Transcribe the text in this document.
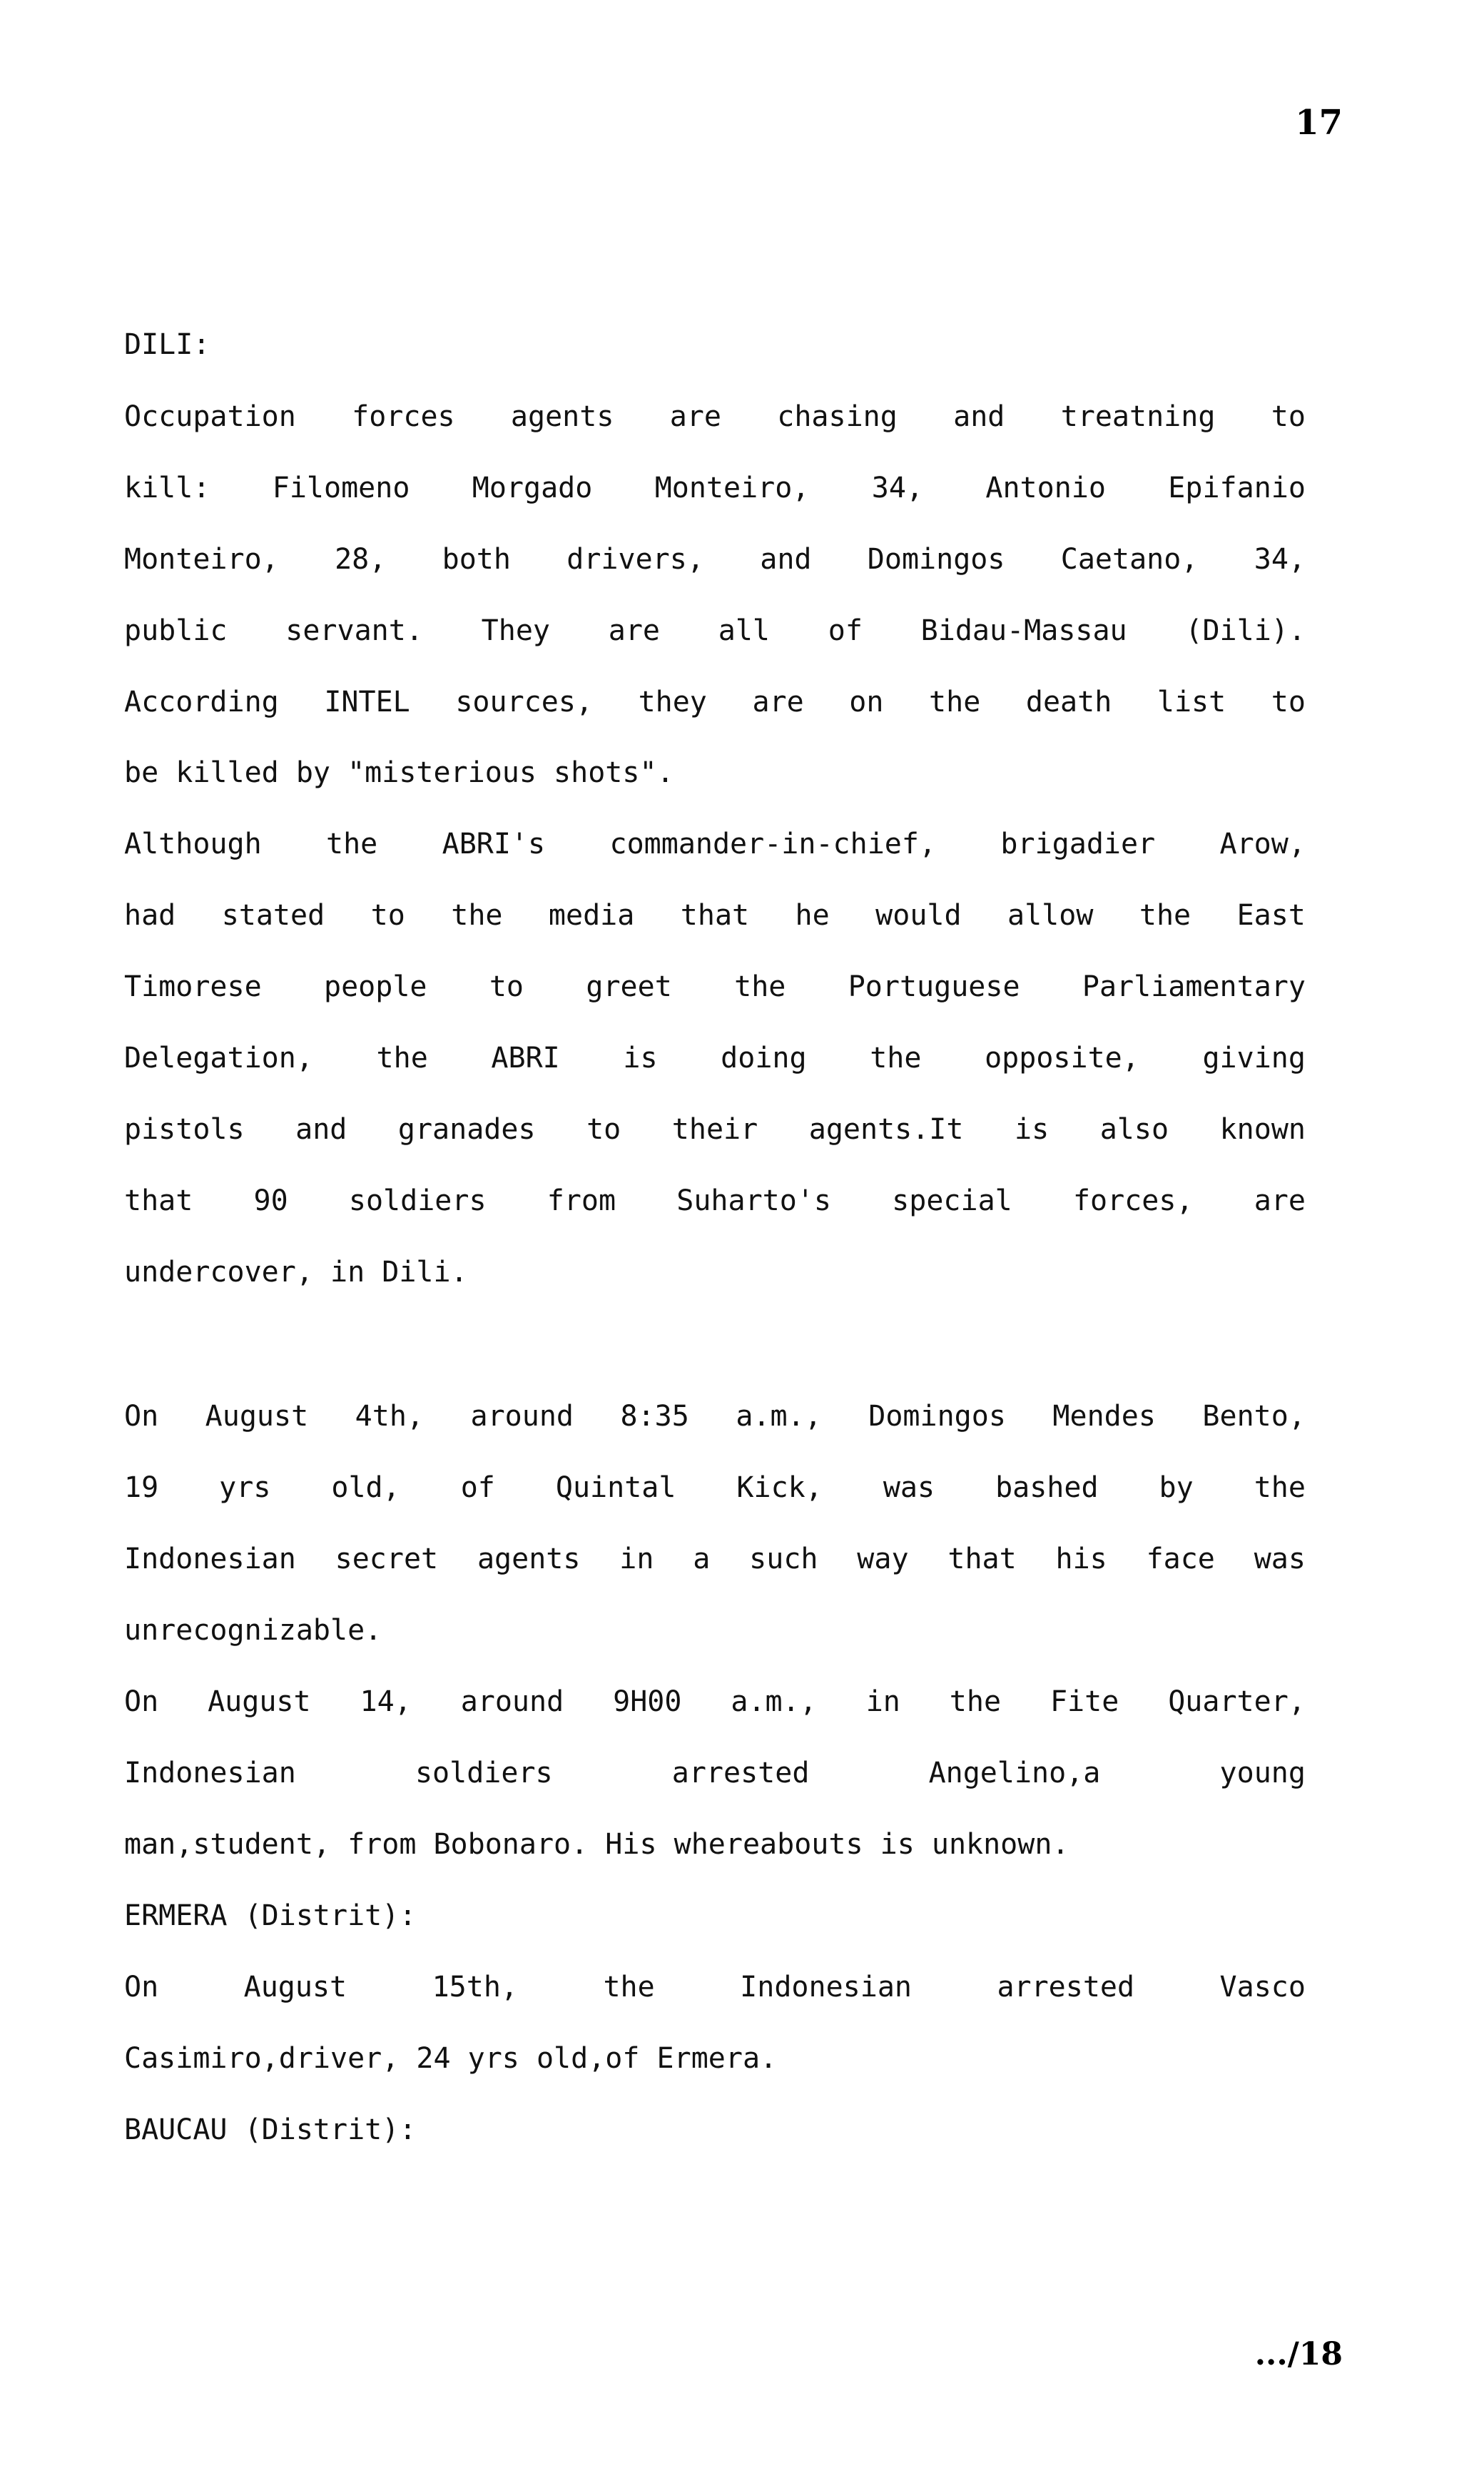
17
DILI:
Occupation forces agents are chasing and treatning to
kill: Filomeno Morgado Monteiro, 34, Antonio Epifanio
Monteiro, 28, both drivers, and Domingos Caetano, 34,
public servant. They are all of Bidau-Massau (Dili).
According INTEL sources, they are on the death list to
be killed by "misterious shots".
Although the ABRI's commander-in-chief, brigadier Arow,
had stated to the media that he would allow the East
Timorese people to greet the Portuguese Parliamentary
Delegation, the ABRI is doing the opposite, giving
pistols and granades to their agents.It is also known
that 90 soldiers from Suharto's special forces, are
undercover, in Dili.
On August 4th, around 8:35 a.m., Domingos Mendes Bento,
19 yrs old, of Quintal Kick, was bashed by the
Indonesian secret agents in a such way that his face was
unrecognizable.
On August 14, around 9H00 a.m., in the Fite Quarter,
Indonesian	soldiers	arrested	Angelino,a	young
man,student, from Bobonaro. His whereabouts is unknown.
ERMERA (Distrit):
On	August	15th,	the	Indonesian	arrested	Vasco
Casimiro,driver, 24 yrs old,of Ermera.
BAUCAU (Distrit):
.../18
